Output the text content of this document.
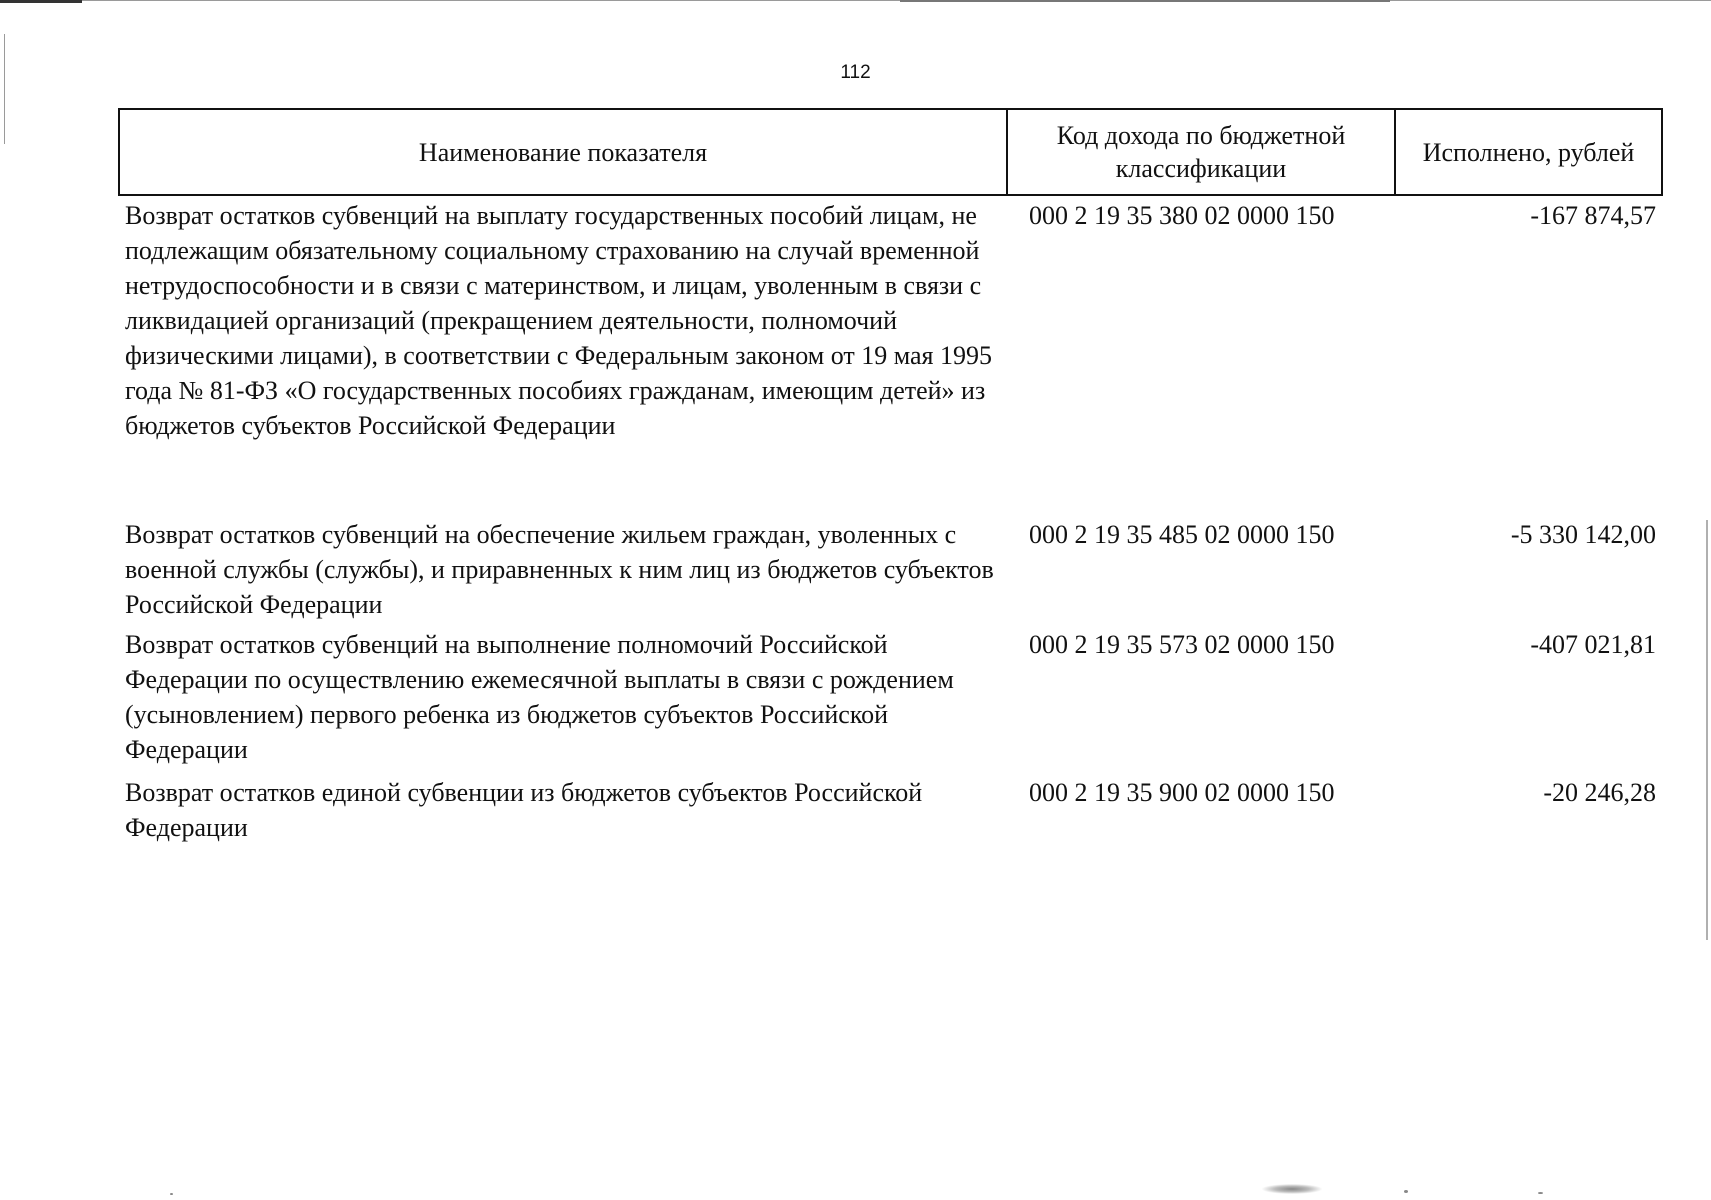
112
Наименование показателя	Код дохода по бюджетной классификации	Исполнено, рублей
Возврат остатков субвенций на выплату государственных пособий лицам, не подлежащим обязательному социальному страхованию на случай временной нетрудоспособности и в связи с материнством, и лицам, уволенным в связи с ликвидацией организаций (прекращением деятельности, полномочий физическими лицами), в соответствии с Федеральным законом от 19 мая 1995 года № 81-ФЗ «О государственных пособиях гражданам, имеющим детей» из бюджетов субъектов Российской Федерации	000 2 19 35 380 02 0000 150	-167 874,57
Возврат остатков субвенций на обеспечение жильем граждан, уволенных с военной службы (службы), и приравненных к ним лиц из бюджетов субъектов Российской Федерации	000 2 19 35 485 02 0000 150	-5 330 142,00
Возврат остатков субвенций на выполнение полномочий Российской Федерации по осуществлению ежемесячной выплаты в связи с рождением (усыновлением) первого ребенка из бюджетов субъектов Российской Федерации	000 2 19 35 573 02 0000 150	-407 021,81
Возврат остатков единой субвенции из бюджетов субъектов Российской Федерации	000 2 19 35 900 02 0000 150	-20 246,28
